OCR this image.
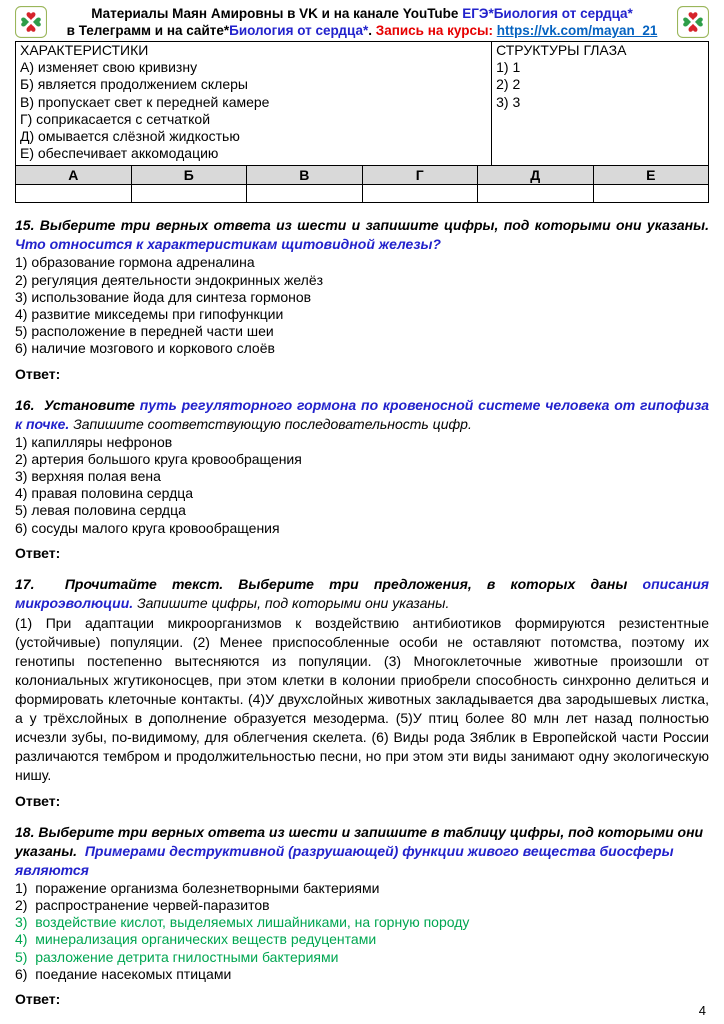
Материалы Маян Амировны в VK и на канале YouTube ЕГЭ*Биология от сердца*
в Телеграмм и на сайте*Биология от сердца*. Запись на курсы: https://vk.com/mayan_21
ХАРАКТЕРИСТИКИ
А) изменяет свою кривизну
Б) является продолжением склеры
В) пропускает свет к передней камере
Г) соприкасается с сетчаткой
Д) омывается слёзной жидкостью
Е) обеспечивает аккомодацию

СТРУКТУРЫ ГЛАЗА
1) 1
2) 2
3) 3
А	Б	В	Г	Д	Е

15. Выберите три верных ответа из шести и запишите цифры, под которыми они указаны.  Что относится к характеристикам щитовидной железы?
1) образование гормона адреналина
2) регуляция деятельности эндокринных желёз
3) использование йода для синтеза гормонов
4) развитие микседемы при гипофункции
5) расположение в передней части шеи
6) наличие мозгового и коркового слоёв
Ответ:
16.  Установите путь регуляторного гормона по кровеносной системе человека от гипофиза к почке. Запишите соответствующую последовательность цифр.
1) капилляры нефронов
2) артерия большого круга кровообращения
3) верхняя полая вена
4) правая половина сердца
5) левая половина сердца
6) сосуды малого круга кровообращения
Ответ:
17.  Прочитайте текст. Выберите три предложения, в которых даны описания микроэволюции. Запишите цифры, под которыми они указаны.
(1) При адаптации микроорганизмов к воздействию антибиотиков формируются резистентные (устойчивые) популяции. (2) Менее приспособленные особи не оставляют потомства, поэтому их генотипы постепенно вытесняются из популяции. (3) Многоклеточные животные произошли от колониальных жгутиконосцев, при этом клетки в колонии приобрели способность синхронно делиться и формировать клеточные контакты. (4)У двухслойных животных закладывается два зародышевых листка, а у трёхслойных в дополнение образуется мезодерма. (5)У птиц более 80 млн лет назад полностью исчезли зубы, по-видимому, для облегчения скелета. (6) Виды рода Зяблик в Европейской части России различаются тембром и продолжительностью песни, но при этом эти виды занимают одну экологическую нишу.
Ответ:
18. Выберите три верных ответа из шести и запишите в таблицу цифры, под которыми они указаны.  Примерами деструктивной (разрушающей) функции живого вещества биосферы являются
1)  поражение организма болезнетворными бактериями
2)  распространение червей-паразитов
3)  воздействие кислот, выделяемых лишайниками, на горную породу
4)  минерализация органических веществ редуцентами
5)  разложение детрита гнилостными бактериями
6)  поедание насекомых птицами
Ответ:
4
